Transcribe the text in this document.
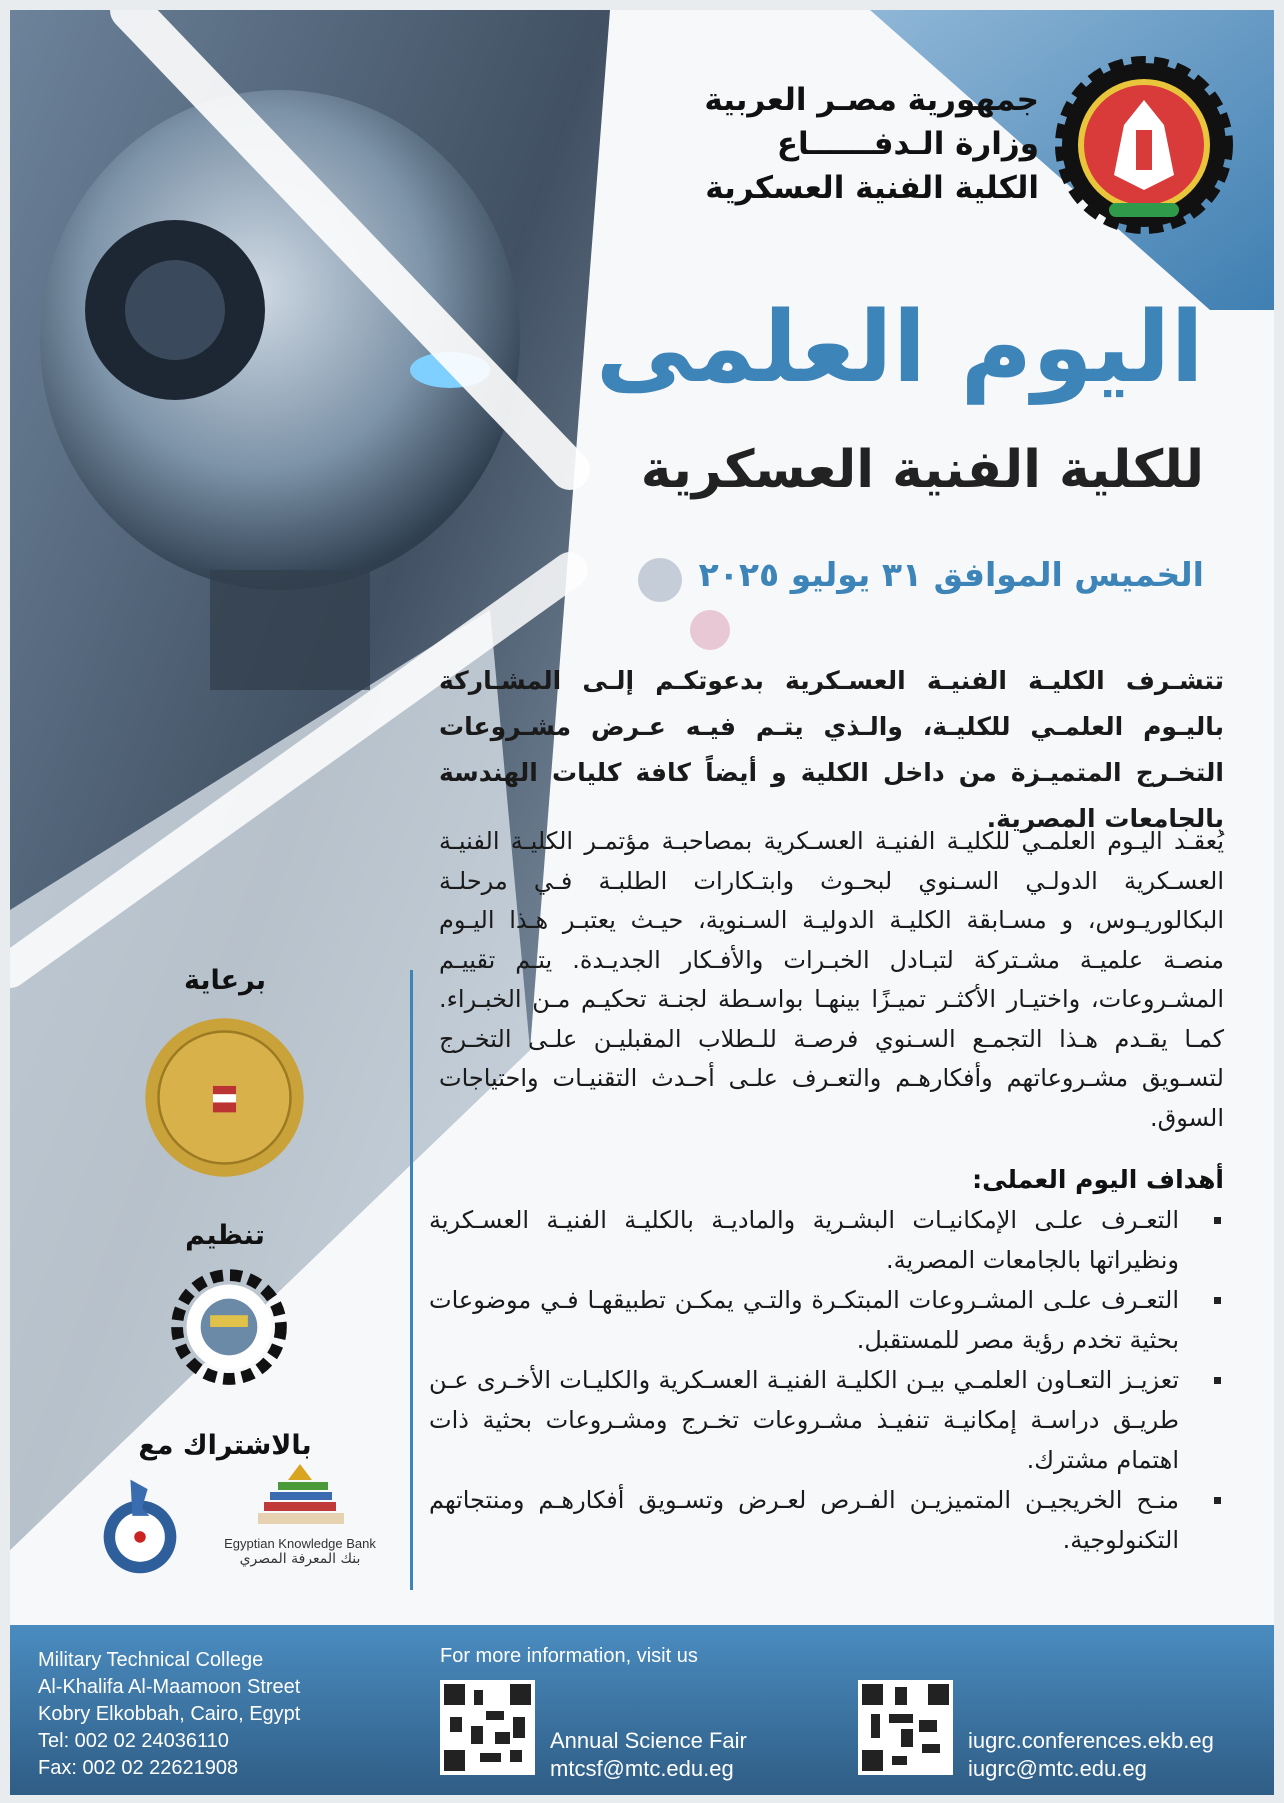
جمهورية مصـر العربية
وزارة الـدفــــــاع
الكلية الفنية العسكرية
اليوم العلمى
للكلية الفنية العسكرية
الخميس الموافق ٣١ يوليو ٢٠٢٥

تتشـرف الكليـة الفنيـة العسـكرية بدعوتكـم إلـى المشـاركة باليـوم العلمـي للكليـة، والـذي يتـم فيـه عـرض مشـروعات التخـرج المتميـزة من داخل الكلية و أيضاً كافة كليات الهندسة بالجامعات المصرية.

يُعقـد اليـوم العلمـي للكليـة الفنيـة العسـكرية بمصاحبـة مؤتمـر الكليـة الفنيـة العسـكرية الدولـي السـنوي لبحـوث وابتـكارات الطلبـة فـي مرحلـة البكالوريـوس، و مسـابقة الكليـة الدوليـة السـنوية، حيـث يعتبـر هـذا اليـوم منصـة علميـة مشـتركة لتبـادل الخبـرات والأفـكار الجديـدة. يتـم تقييـم المشـروعات، واختيـار الأكثـر تميـزًا بينهـا بواسـطة لجنـة تحكيـم مـن الخبـراء. كمـا يقـدم هـذا التجمـع السـنوي فرصـة للـطلاب المقبليـن علـى التخـرج لتسـويق مشـروعاتهم وأفكارهـم والتعـرف علـى أحـدث التقنيـات واحتياجات السوق.

أهداف اليوم العملى:
التعـرف علـى الإمكانيـات البشـرية والماديـة بالكليـة الفنيـة العسـكرية ونظيراتها بالجامعات المصرية.
التعـرف علـى المشـروعات المبتكـرة والتـي يمكـن تطبيقهـا فـي موضوعات بحثية تخدم رؤية مصر للمستقبل.
تعزيـز التعـاون العلمـي بيـن الكليـة الفنيـة العسـكرية والكليـات الأخـرى عـن طريـق دراسـة إمكانيـة تنفيـذ مشـروعات تخـرج ومشـروعات بحثية ذات اهتمام مشترك.
منـح الخريجيـن المتميزيـن الفـرص لعـرض وتسـويق أفكارهـم ومنتجاتهم التكنولوجية.
برعاية
تنظيم
بالاشتراك مع
Egyptian Knowledge Bank
بنك المعرفة المصري
Military Technical College
Al-Khalifa Al-Maamoon Street
Kobry Elkobbah, Cairo, Egypt
Tel: 002 02 24036110
Fax: 002 02 22621908
For more information, visit us
Annual Science Fair
mtcsf@mtc.edu.eg
iugrc.conferences.ekb.eg
iugrc@mtc.edu.eg
